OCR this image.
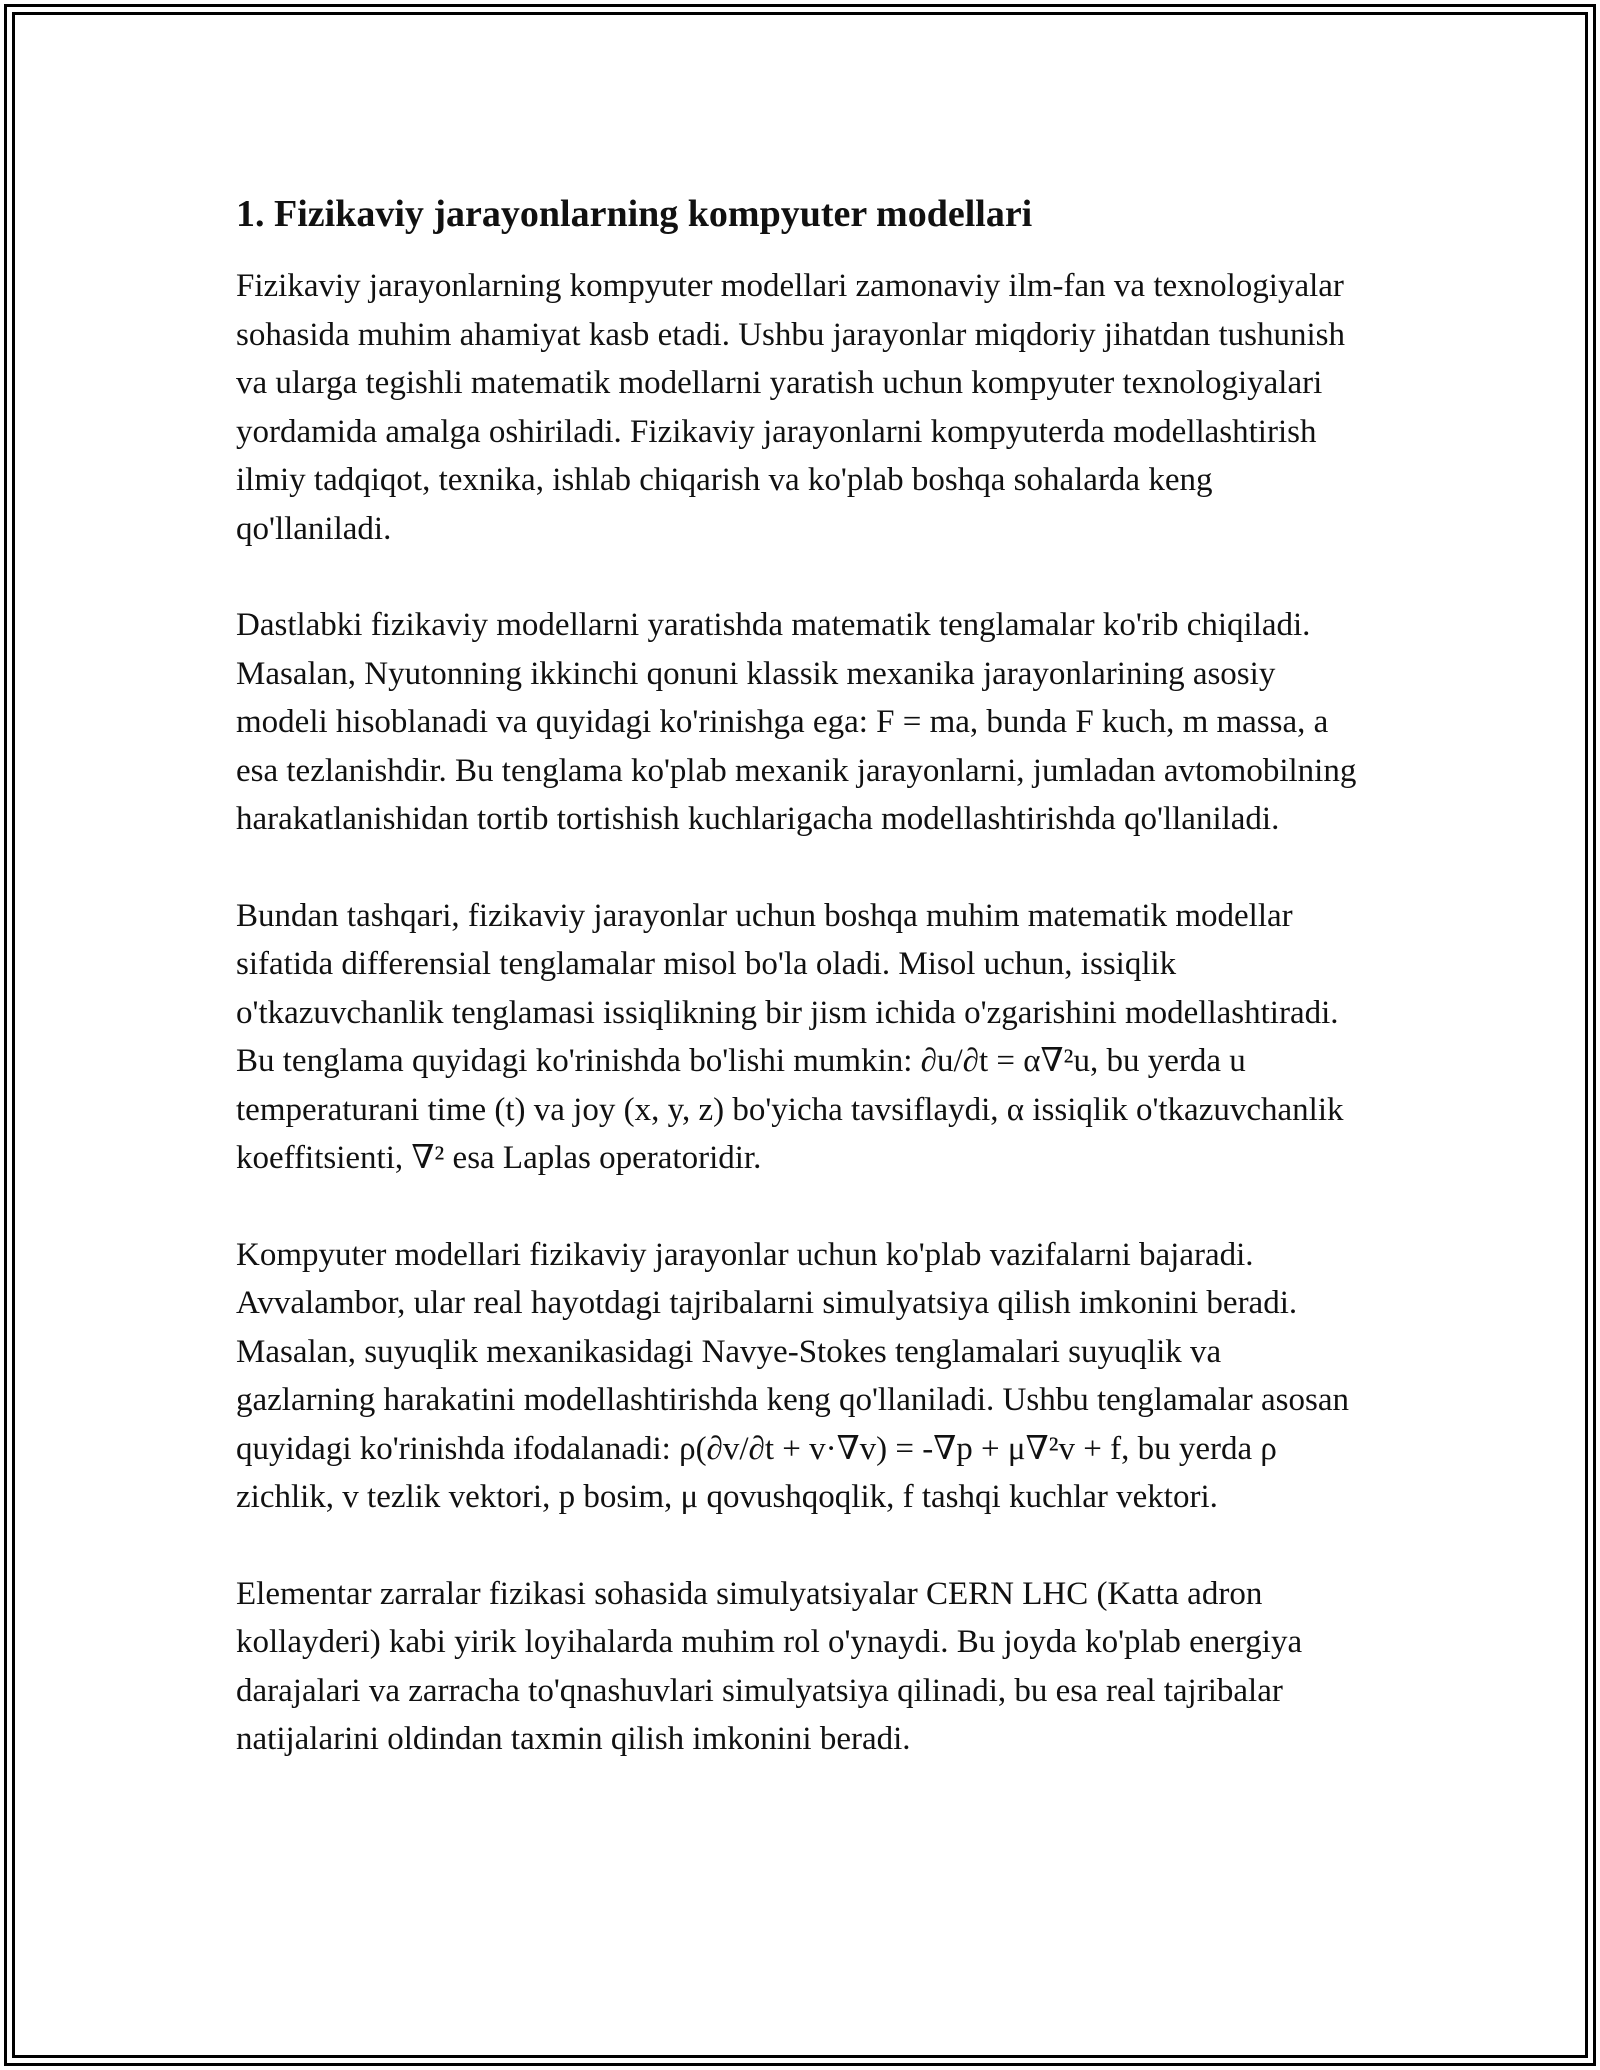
1. Fizikaviy jarayonlarning kompyuter modellari

Fizikaviy jarayonlarning kompyuter modellari zamonaviy ilm-fan va texnologiyalar sohasida muhim ahamiyat kasb etadi. Ushbu jarayonlar miqdoriy jihatdan tushunish va ularga tegishli matematik modellarni yaratish uchun kompyuter texnologiyalari yordamida amalga oshiriladi. Fizikaviy jarayonlarni kompyuterda modellashtirish ilmiy tadqiqot, texnika, ishlab chiqarish va ko'plab boshqa sohalarda keng qo'llaniladi.

Dastlabki fizikaviy modellarni yaratishda matematik tenglamalar ko'rib chiqiladi. Masalan, Nyutonning ikkinchi qonuni klassik mexanika jarayonlarining asosiy modeli hisoblanadi va quyidagi ko'rinishga ega: F = ma, bunda F kuch, m massa, a esa tezlanishdir. Bu tenglama ko'plab mexanik jarayonlarni, jumladan avtomobilning harakatlanishidan tortib tortishish kuchlarigacha modellashtirishda qo'llaniladi.

Bundan tashqari, fizikaviy jarayonlar uchun boshqa muhim matematik modellar sifatida differensial tenglamalar misol bo'la oladi. Misol uchun, issiqlik o'tkazuvchanlik tenglamasi issiqlikning bir jism ichida o'zgarishini modellashtiradi. Bu tenglama quyidagi ko'rinishda bo'lishi mumkin: ∂u/∂t = α∇²u, bu yerda u temperaturani time (t) va joy (x, y, z) bo'yicha tavsiflaydi, α issiqlik o'tkazuvchanlik koeffitsienti, ∇² esa Laplas operatoridir.

Kompyuter modellari fizikaviy jarayonlar uchun ko'plab vazifalarni bajaradi. Avvalambor, ular real hayotdagi tajribalarni simulyatsiya qilish imkonini beradi. Masalan, suyuqlik mexanikasidagi Navye-Stokes tenglamalari suyuqlik va gazlarning harakatini modellashtirishda keng qo'llaniladi. Ushbu tenglamalar asosan quyidagi ko'rinishda ifodalanadi: ρ(∂v/∂t + v·∇v) = -∇p + μ∇²v + f, bu yerda ρ zichlik, v tezlik vektori, p bosim, μ qovushqoqlik, f tashqi kuchlar vektori.

Elementar zarralar fizikasi sohasida simulyatsiyalar CERN LHC (Katta adron kollayderi) kabi yirik loyihalarda muhim rol o'ynaydi. Bu joyda ko'plab energiya darajalari va zarracha to'qnashuvlari simulyatsiya qilinadi, bu esa real tajribalar natijalarini oldindan taxmin qilish imkonini beradi.
